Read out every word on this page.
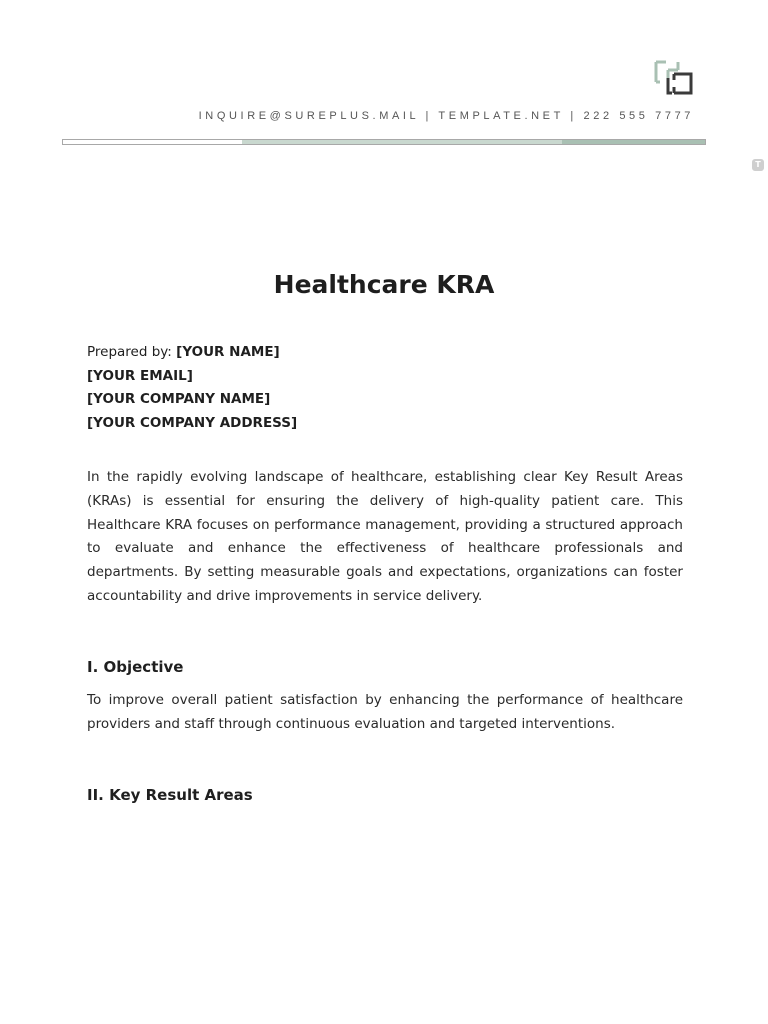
INQUIRE@SUREPLUS.MAIL | TEMPLATE.NET | 222 555 7777
T
Healthcare KRA
Prepared by: [YOUR NAME]
[YOUR EMAIL]
[YOUR COMPANY NAME]
[YOUR COMPANY ADDRESS]

In the rapidly evolving landscape of healthcare, establishing clear Key Result Areas (KRAs) is essential for ensuring the delivery of high-quality patient care. This Healthcare KRA focuses on performance management, providing a structured approach to evaluate and enhance the effectiveness of healthcare professionals and departments. By setting measurable goals and expectations, organizations can foster accountability and drive improvements in service delivery.

I. Objective

To improve overall patient satisfaction by enhancing the performance of healthcare providers and staff through continuous evaluation and targeted interventions.

II. Key Result Areas
